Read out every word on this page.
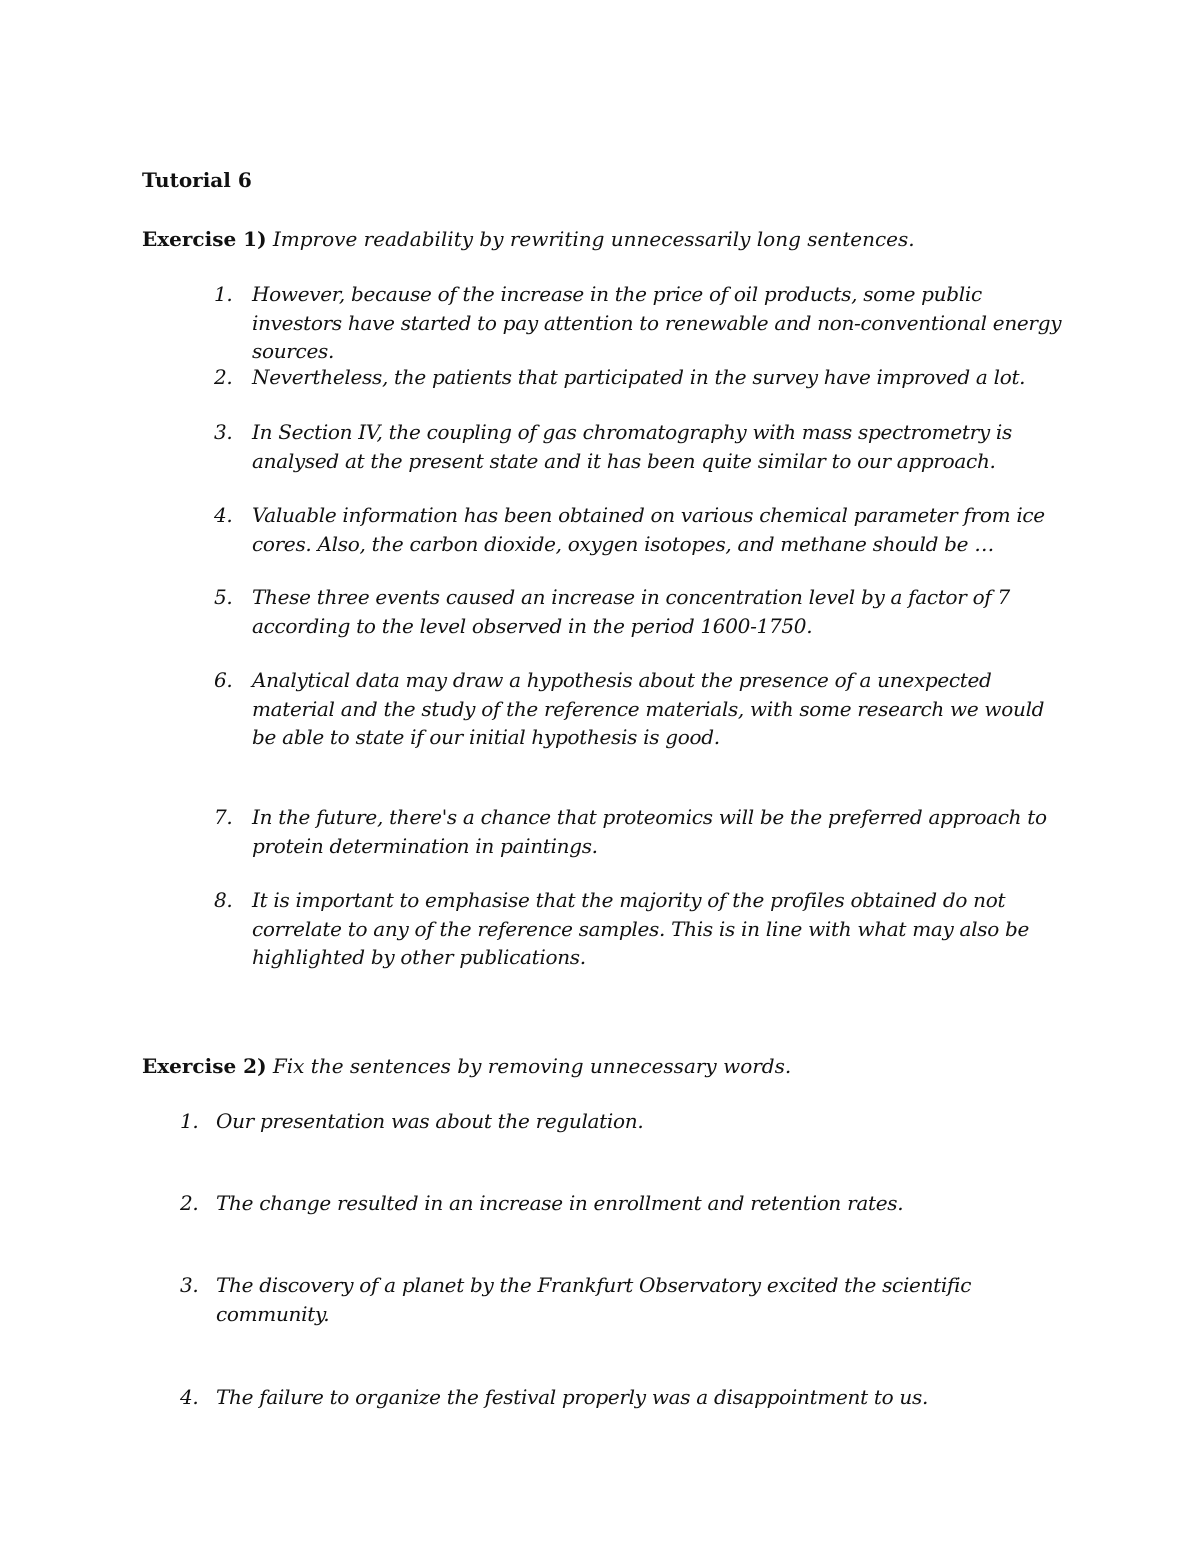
Tutorial 6
Exercise 1) Improve readability by rewriting unnecessarily long sentences.
1. However, because of the increase in the price of oil products, some public investors have started to pay attention to renewable and non-conventional energy sources.
2. Nevertheless, the patients that participated in the survey have improved a lot.
3. In Section IV, the coupling of gas chromatography with mass spectrometry is analysed at the present state and it has been quite similar to our approach.
4. Valuable information has been obtained on various chemical parameter from ice cores. Also, the carbon dioxide, oxygen isotopes, and methane should be …
5. These three events caused an increase in concentration level by a factor of 7 according to the level observed in the period 1600-1750.
6. Analytical data may draw a hypothesis about the presence of a unexpected material and the study of the reference materials, with some research we would be able to state if our initial hypothesis is good.
7. In the future, there's a chance that proteomics will be the preferred approach to protein determination in paintings.
8. It is important to emphasise that the majority of the profiles obtained do not correlate to any of the reference samples. This is in line with what may also be highlighted by other publications.
Exercise 2) Fix the sentences by removing unnecessary words.
1. Our presentation was about the regulation.
2. The change resulted in an increase in enrollment and retention rates.
3. The discovery of a planet by the Frankfurt Observatory excited the scientific community.
4. The failure to organize the festival properly was a disappointment to us.
